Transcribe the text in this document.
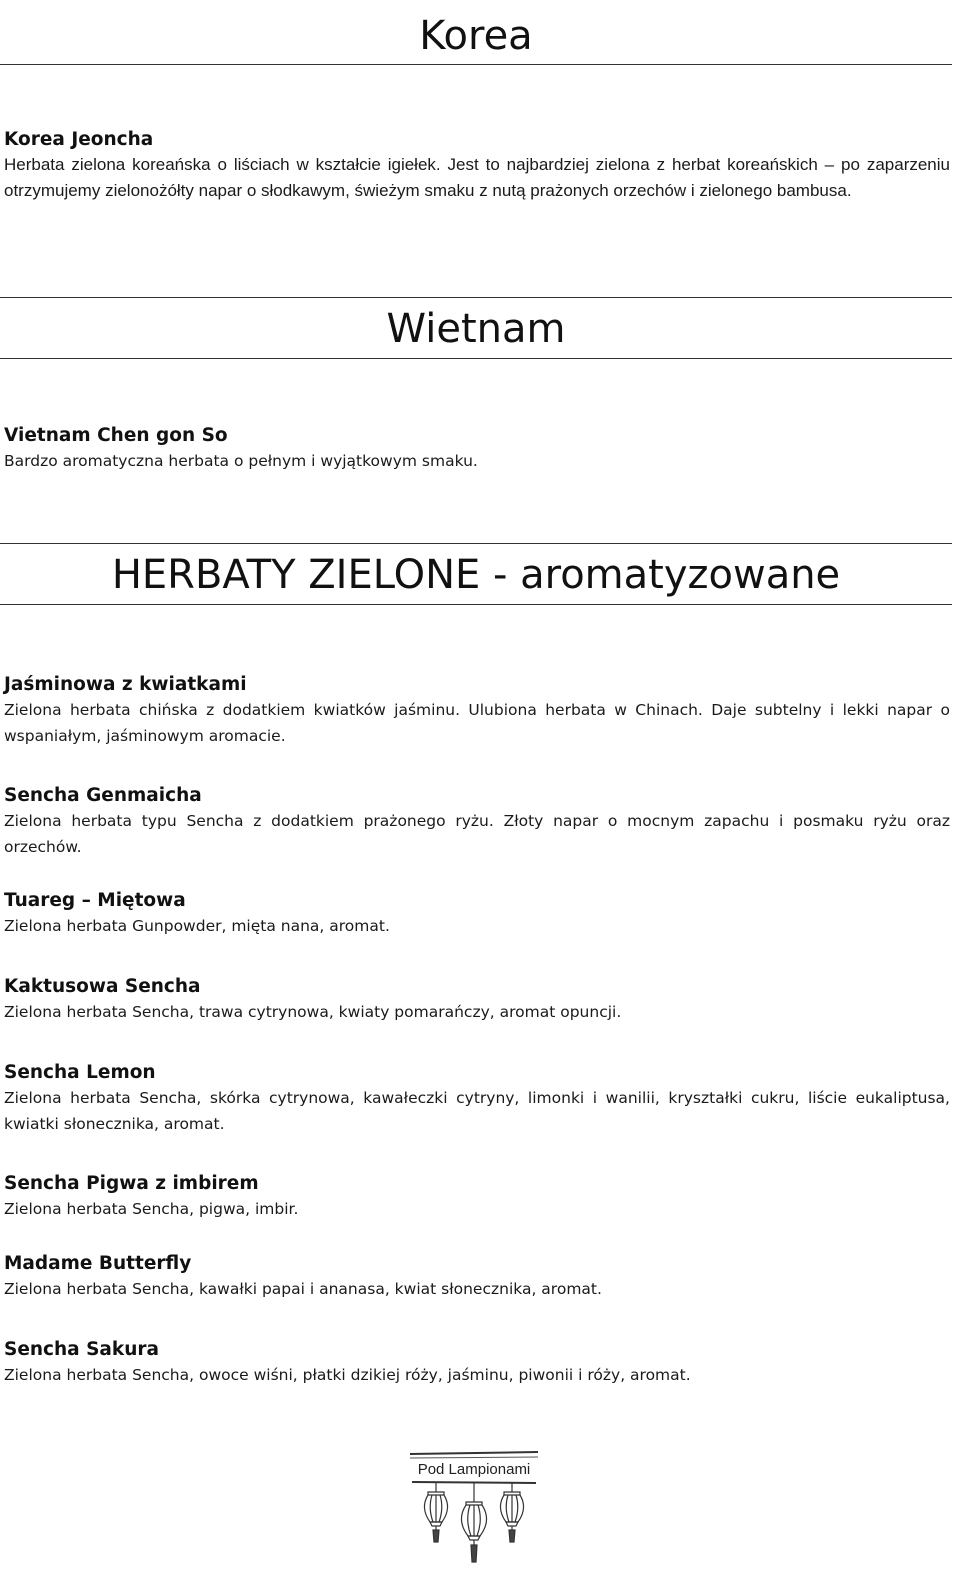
Korea

Korea Jeoncha

Herbata zielona koreańska o liściach w kształcie igiełek. Jest to najbardziej zielona z herbat koreańskich – po zaparzeniu otrzymujemy zielonożółty napar o słodkawym, świeżym smaku z nutą prażonych orzechów i zielonego bambusa.

Wietnam

Vietnam Chen gon So

Bardzo aromatyczna herbata o pełnym i wyjątkowym smaku.

HERBATY ZIELONE - aromatyzowane

Jaśminowa z kwiatkami

Zielona herbata chińska z dodatkiem kwiatków jaśminu. Ulubiona herbata w Chinach. Daje subtelny i lekki napar o wspaniałym, jaśminowym aromacie.

Sencha Genmaicha

Zielona herbata typu Sencha z dodatkiem prażonego ryżu. Złoty napar o mocnym zapachu i posmaku ryżu oraz orzechów.

Tuareg – Miętowa

Zielona herbata Gunpowder, mięta nana, aromat.

Kaktusowa Sencha

Zielona herbata Sencha, trawa cytrynowa, kwiaty pomarańczy, aromat opuncji.

Sencha Lemon

Zielona herbata Sencha, skórka cytrynowa, kawałeczki cytryny, limonki i wanilii, kryształki cukru, liście eukaliptusa, kwiatki słonecznika, aromat.

Sencha Pigwa z imbirem

Zielona herbata Sencha, pigwa, imbir.

Madame Butterfly

Zielona herbata Sencha, kawałki papai i ananasa, kwiat słonecznika, aromat.

Sencha Sakura

Zielona herbata Sencha, owoce wiśni, płatki dzikiej róży, jaśminu, piwonii i róży, aromat.

Pod Lampionami
